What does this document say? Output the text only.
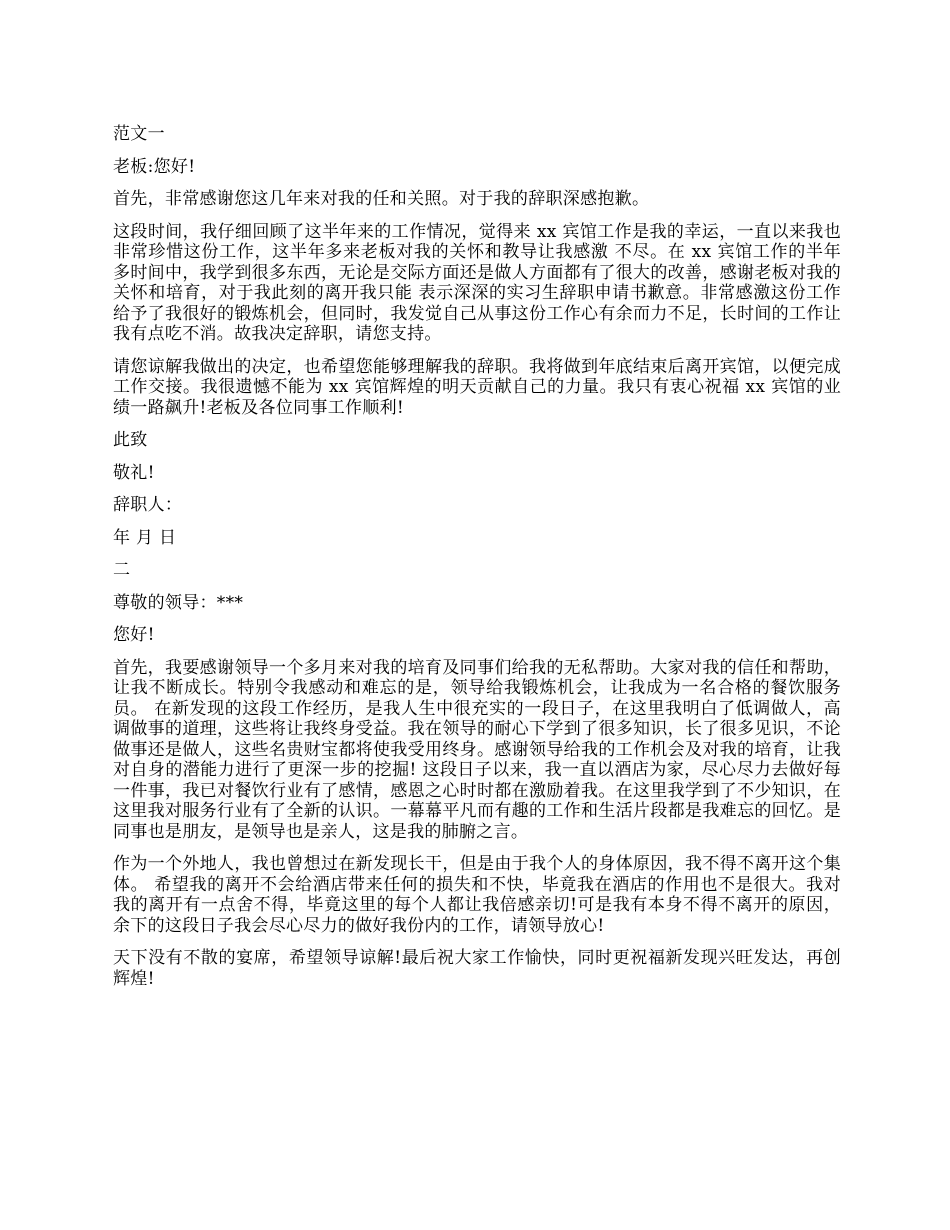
范文一

老板:您好!

首先，非常感谢您这几年来对我的任和关照。对于我的辞职深感抱歉。

这段时间，我仔细回顾了这半年来的工作情况，觉得来 xx 宾馆工作是我的幸运，一直以来我也非常珍惜这份工作，这半年多来老板对我的关怀和教导让我感激 不尽。在 xx 宾馆工作的半年多时间中，我学到很多东西，无论是交际方面还是做人方面都有了很大的改善，感谢老板对我的关怀和培育，对于我此刻的离开我只能 表示深深的实习生辞职申请书歉意。非常感激这份工作给予了我很好的锻炼机会，但同时，我发觉自己从事这份工作心有余而力不足，长时间的工作让我有点吃不消。故我决定辞职，请您支持。

请您谅解我做出的决定，也希望您能够理解我的辞职。我将做到年底结束后离开宾馆，以便完成工作交接。我很遗憾不能为 xx 宾馆辉煌的明天贡献自己的力量。我只有衷心祝福 xx 宾馆的业绩一路飙升!老板及各位同事工作顺利!

此致

敬礼!

辞职人：

年 月 日

二

尊敬的领导：***

您好!

首先，我要感谢领导一个多月来对我的培育及同事们给我的无私帮助。大家对我的信任和帮助，让我不断成长。特别令我感动和难忘的是，领导给我锻炼机会，让我成为一名合格的餐饮服务员。 在新发现的这段工作经历，是我人生中很充实的一段日子，在这里我明白了低调做人，高调做事的道理，这些将让我终身受益。我在领导的耐心下学到了很多知识，长了很多见识，不论做事还是做人，这些名贵财宝都将使我受用终身。感谢领导给我的工作机会及对我的培育，让我对自身的潜能力进行了更深一步的挖掘! 这段日子以来，我一直以酒店为家，尽心尽力去做好每一件事，我已对餐饮行业有了感情，感恩之心时时都在激励着我。在这里我学到了不少知识，在这里我对服务行业有了全新的认识。一幕幕平凡而有趣的工作和生活片段都是我难忘的回忆。是同事也是朋友，是领导也是亲人，这是我的肺腑之言。

作为一个外地人，我也曾想过在新发现长干，但是由于我个人的身体原因，我不得不离开这个集体。 希望我的离开不会给酒店带来任何的损失和不快，毕竟我在酒店的作用也不是很大。我对我的离开有一点舍不得，毕竟这里的每个人都让我倍感亲切!可是我有本身不得不离开的原因，余下的这段日子我会尽心尽力的做好我份内的工作，请领导放心!

天下没有不散的宴席，希望领导谅解!最后祝大家工作愉快，同时更祝福新发现兴旺发达，再创辉煌!
